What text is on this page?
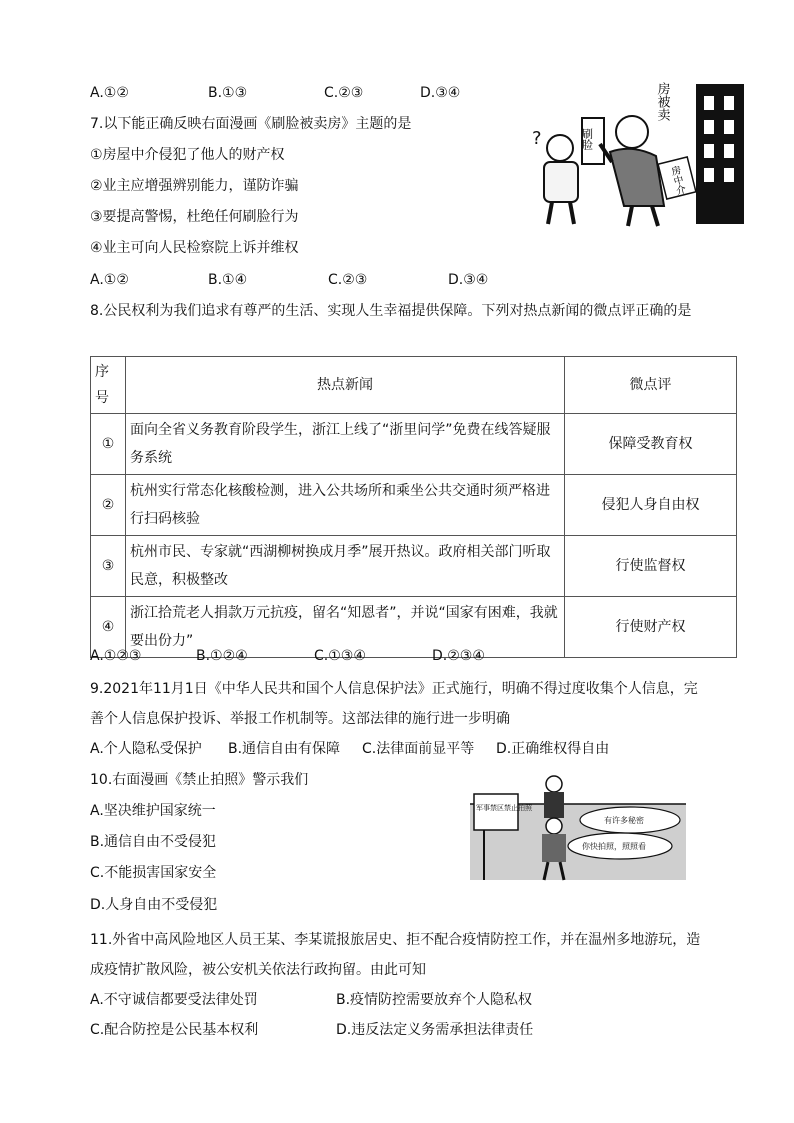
A.①②	B.①③	C.②③	D.③④
7.以下能正确反映右面漫画《刷脸被卖房》主题的是
①房屋中介侵犯了他人的财产权
②业主应增强辨别能力，谨防诈骗
③要提高警惕，杜绝任何刷脸行为
④业主可向人民检察院上诉并维权
A.①②	B.①④	C.②③	D.③④
房被卖
?	刷脸
房中介
8.公民权利为我们追求有尊严的生活、实现人生幸福提供保障。下列对热点新闻的微点评正确的是
序号	热点新闻	微点评
①	面向全省义务教育阶段学生，浙江上线了“浙里问学”免费在线答疑服务系统	保障受教育权
②	杭州实行常态化核酸检测，进入公共场所和乘坐公共交通时须严格进行扫码核验	侵犯人身自由权
③	杭州市民、专家就“西湖柳树换成月季”展开热议。政府相关部门听取民意，积极整改	行使监督权
④	浙江拾荒老人捐款万元抗疫，留名“知恩者”，并说“国家有困难，我就要出份力”	行使财产权
A.①②③	B.①②④	C.①③④	D.②③④
9.2021年11月1日《中华人民共和国个人信息保护法》正式施行，明确不得过度收集个人信息，完善个人信息保护投诉、举报工作机制等。这部法律的施行进一步明确
A.个人隐私受保护 B.通信自由有保障 C.法律面前显平等 D.正确维权得自由
10.右面漫画《禁止拍照》警示我们
A.坚决维护国家统一
B.通信自由不受侵犯
C.不能损害国家安全
D.人身自由不受侵犯
军事禁区禁止拍照
有许多秘密
你快拍照，照照看
11.外省中高风险地区人员王某、李某谎报旅居史、拒不配合疫情防控工作，并在温州多地游玩，造成疫情扩散风险，被公安机关依法行政拘留。由此可知
A.不守诚信都要受法律处罚	B.疫情防控需要放弃个人隐私权
C.配合防控是公民基本权利	D.违反法定义务需承担法律责任
